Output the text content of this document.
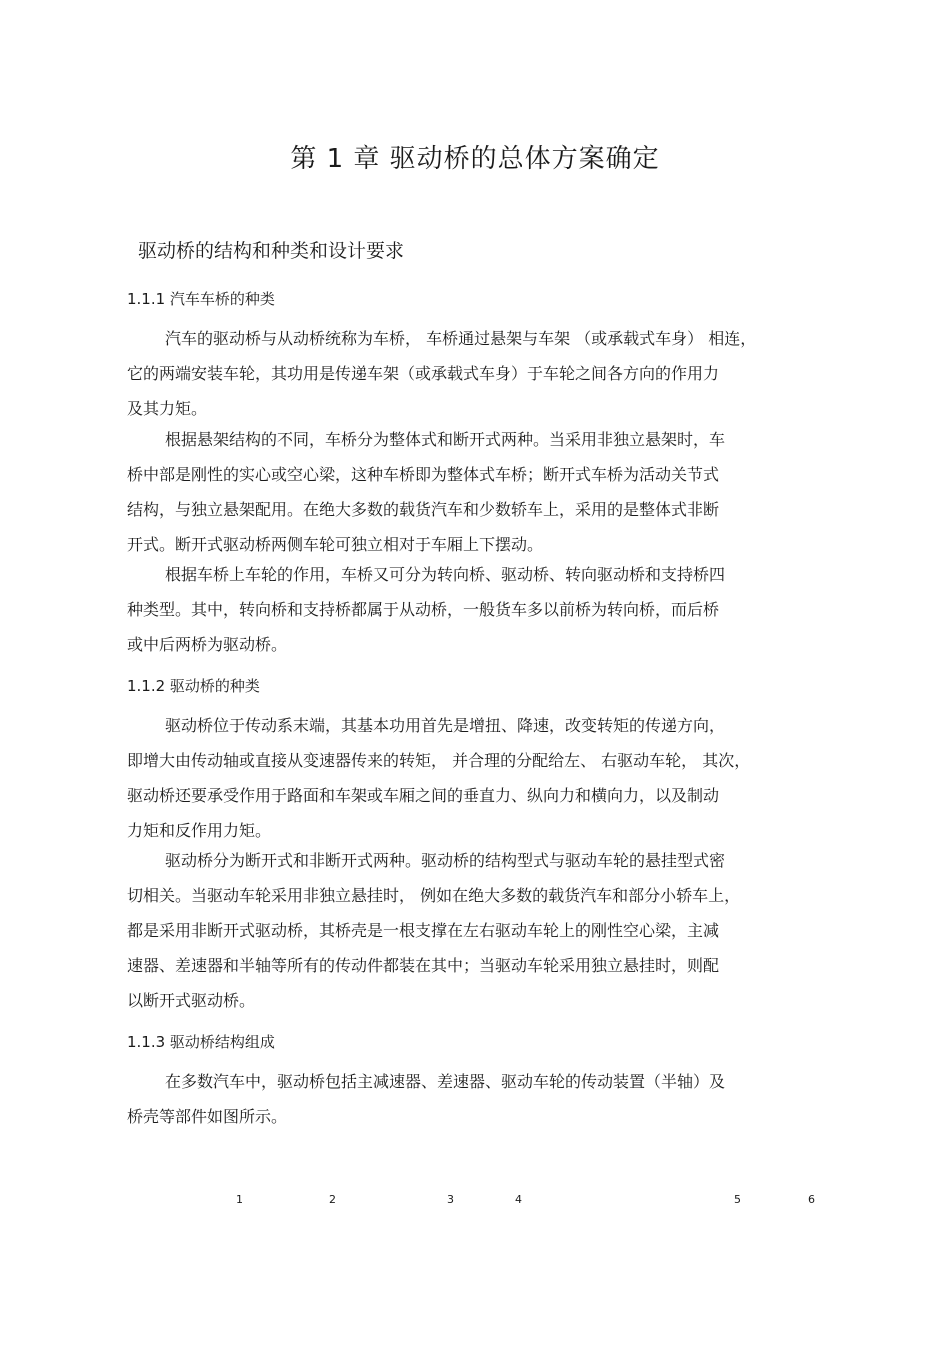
第 1 章 驱动桥的总体方案确定
驱动桥的结构和种类和设计要求
1.1.1 汽车车桥的种类

汽车的驱动桥与从动桥统称为车桥， 车桥通过悬架与车架 （或承载式车身） 相连，
它的两端安装车轮，其功用是传递车架（或承载式车身）于车轮之间各方向的作用力
及其力矩。

根据悬架结构的不同，车桥分为整体式和断开式两种。当采用非独立悬架时，车
桥中部是刚性的实心或空心梁，这种车桥即为整体式车桥；断开式车桥为活动关节式
结构，与独立悬架配用。在绝大多数的载货汽车和少数轿车上，采用的是整体式非断
开式。断开式驱动桥两侧车轮可独立相对于车厢上下摆动。

根据车桥上车轮的作用，车桥又可分为转向桥、驱动桥、转向驱动桥和支持桥四
种类型。其中，转向桥和支持桥都属于从动桥，一般货车多以前桥为转向桥，而后桥
或中后两桥为驱动桥。

1.1.2 驱动桥的种类

驱动桥位于传动系末端，其基本功用首先是增扭、降速，改变转矩的传递方向，
即增大由传动轴或直接从变速器传来的转矩， 并合理的分配给左、 右驱动车轮， 其次，
驱动桥还要承受作用于路面和车架或车厢之间的垂直力、纵向力和横向力，以及制动
力矩和反作用力矩。

驱动桥分为断开式和非断开式两种。驱动桥的结构型式与驱动车轮的悬挂型式密
切相关。当驱动车轮采用非独立悬挂时， 例如在绝大多数的载货汽车和部分小轿车上，
都是采用非断开式驱动桥，其桥壳是一根支撑在左右驱动车轮上的刚性空心梁，主减
速器、差速器和半轴等所有的传动件都装在其中；当驱动车轮采用独立悬挂时，则配
以断开式驱动桥。

1.1.3 驱动桥结构组成

在多数汽车中，驱动桥包括主减速器、差速器、驱动车轮的传动装置（半轴）及
桥壳等部件如图所示。

1	2	3	4	5	6
